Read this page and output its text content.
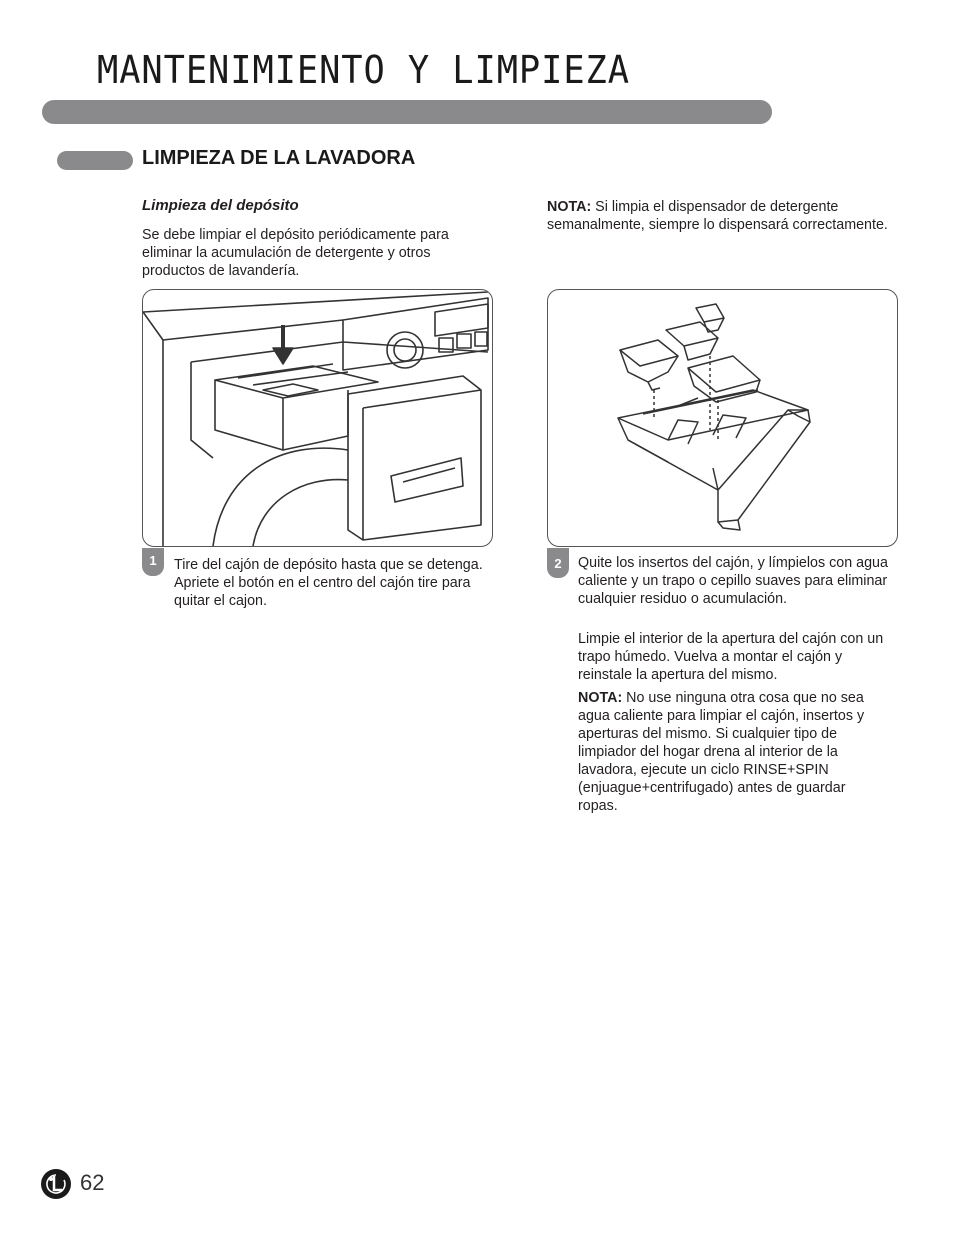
MANTENIMIENTO Y LIMPIEZA
LIMPIEZA DE LA LAVADORA
Limpieza del depósito
Se debe limpiar el depósito periódicamente para eliminar la acumulación de detergente y otros productos de lavandería.
NOTA: Si limpia el dispensador de detergente semanalmente, siempre lo dispensará correctamente.
1	Tire del cajón de depósito hasta que se detenga. Apriete el botón en el centro del cajón tire para quitar el cajon.
2	Quite los insertos del cajón, y límpielos con agua caliente y un trapo o cepillo suaves para eliminar cualquier residuo o acumulación.
Limpie el interior de la apertura del cajón con un trapo húmedo. Vuelva a montar el cajón y reinstale la apertura del mismo.
NOTA: No use ninguna otra cosa que no sea agua caliente para limpiar el cajón, insertos y aperturas del mismo. Si cualquier tipo de limpiador del hogar drena al interior de la lavadora, ejecute un ciclo RINSE+SPIN (enjuague+centrifugado) antes de guardar ropas.
62
